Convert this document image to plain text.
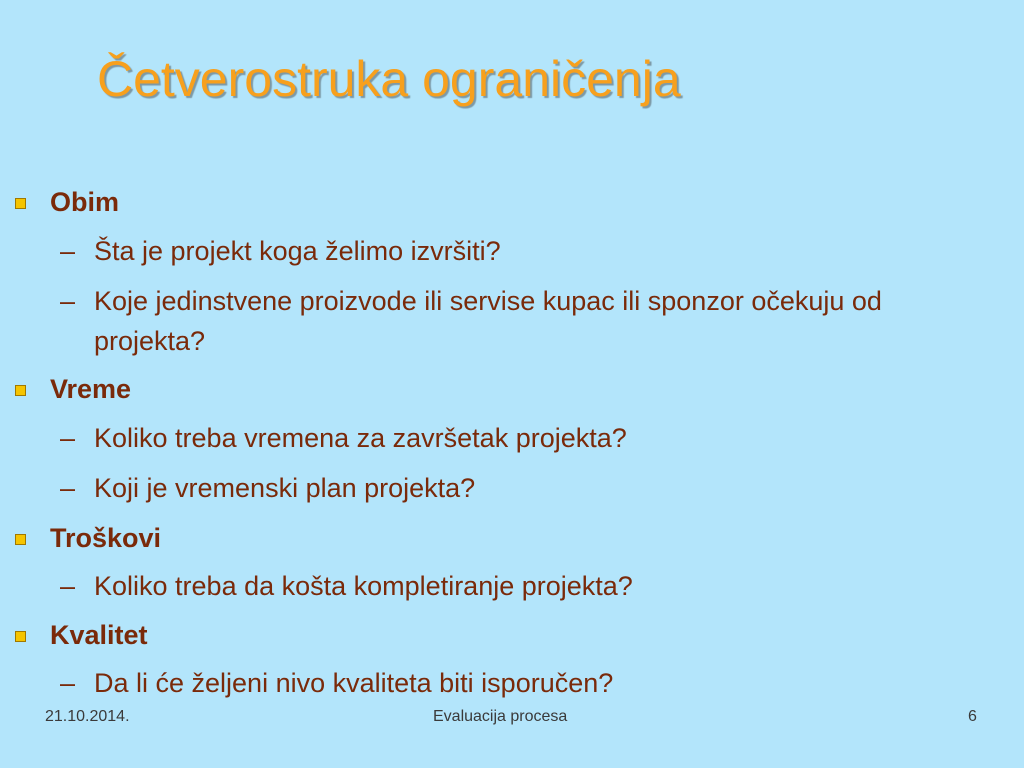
Četverostruka ograničenja
Obim
– Šta je projekt koga želimo izvršiti?
– Koje jedinstvene proizvode ili servise kupac ili sponzor očekuju od projekta?
Vreme
– Koliko treba vremena za završetak projekta?
– Koji je vremenski plan projekta?
Troškovi
– Koliko treba da košta kompletiranje projekta?
Kvalitet
– Da li će željeni nivo kvaliteta biti isporučen?
21.10.2014.	Evaluacija procesa	6
